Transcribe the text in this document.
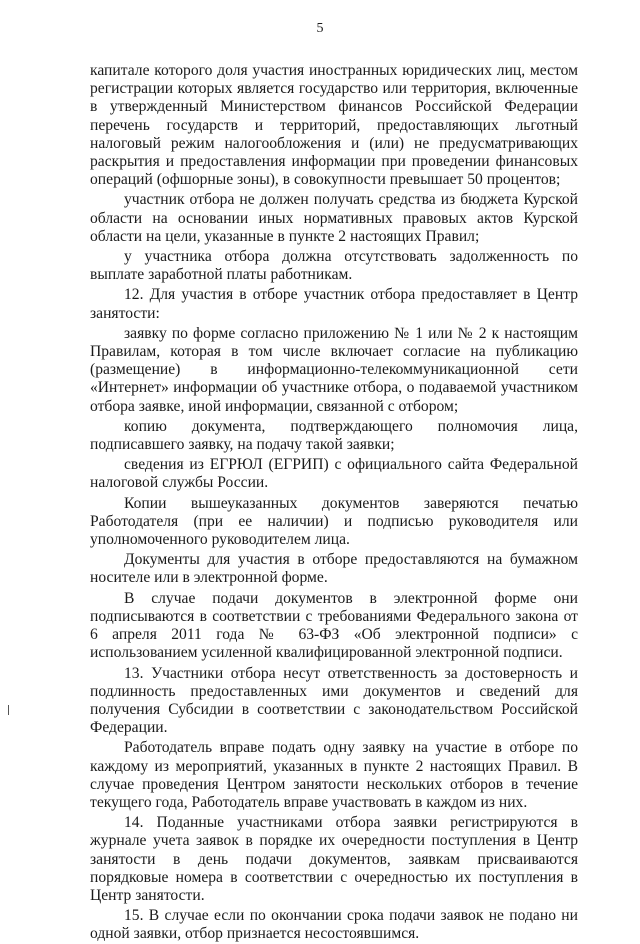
5

капитале которого доля участия иностранных юридических лиц, местом регистрации которых является государство или территория, включенные в утвержденный Министерством финансов Российской Федерации перечень государств и территорий, предоставляющих льготный налоговый режим налогообложения и (или) не предусматривающих раскрытия и предоставления информации при проведении финансовых операций (офшорные зоны), в совокупности превышает 50 процентов;

участник отбора не должен получать средства из бюджета Курской области на основании иных нормативных правовых актов Курской области на цели, указанные в пункте 2 настоящих Правил;

у участника отбора должна отсутствовать задолженность по выплате заработной платы работникам.

12. Для участия в отборе участник отбора предоставляет в Центр занятости:

заявку по форме согласно приложению № 1 или № 2 к настоящим Правилам, которая в том числе включает согласие на публикацию (размещение) в информационно-телекоммуникационной сети «Интернет» информации об участнике отбора, о подаваемой участником отбора заявке, иной информации, связанной с отбором;

копию документа, подтверждающего полномочия лица, подписавшего заявку, на подачу такой заявки;

сведения из ЕГРЮЛ (ЕГРИП) с официального сайта Федеральной налоговой службы России.

Копии вышеуказанных документов заверяются печатью Работодателя (при ее наличии) и подписью руководителя или уполномоченного руководителем лица.

Документы для участия в отборе предоставляются на бумажном носителе или в электронной форме.

В случае подачи документов в электронной форме они подписываются в соответствии с требованиями Федерального закона от 6 апреля 2011 года № 63-ФЗ «Об электронной подписи» с использованием усиленной квалифицированной электронной подписи.

13. Участники отбора несут ответственность за достоверность и подлинность предоставленных ими документов и сведений для получения Субсидии в соответствии с законодательством Российской Федерации.

Работодатель вправе подать одну заявку на участие в отборе по каждому из мероприятий, указанных в пункте 2 настоящих Правил. В случае проведения Центром занятости нескольких отборов в течение текущего года, Работодатель вправе участвовать в каждом из них.

14. Поданные участниками отбора заявки регистрируются в журнале учета заявок в порядке их очередности поступления в Центр занятости в день подачи документов, заявкам присваиваются порядковые номера в соответствии с очередностью их поступления в Центр занятости.

15. В случае если по окончании срока подачи заявок не подано ни одной заявки, отбор признается несостоявшимся.
